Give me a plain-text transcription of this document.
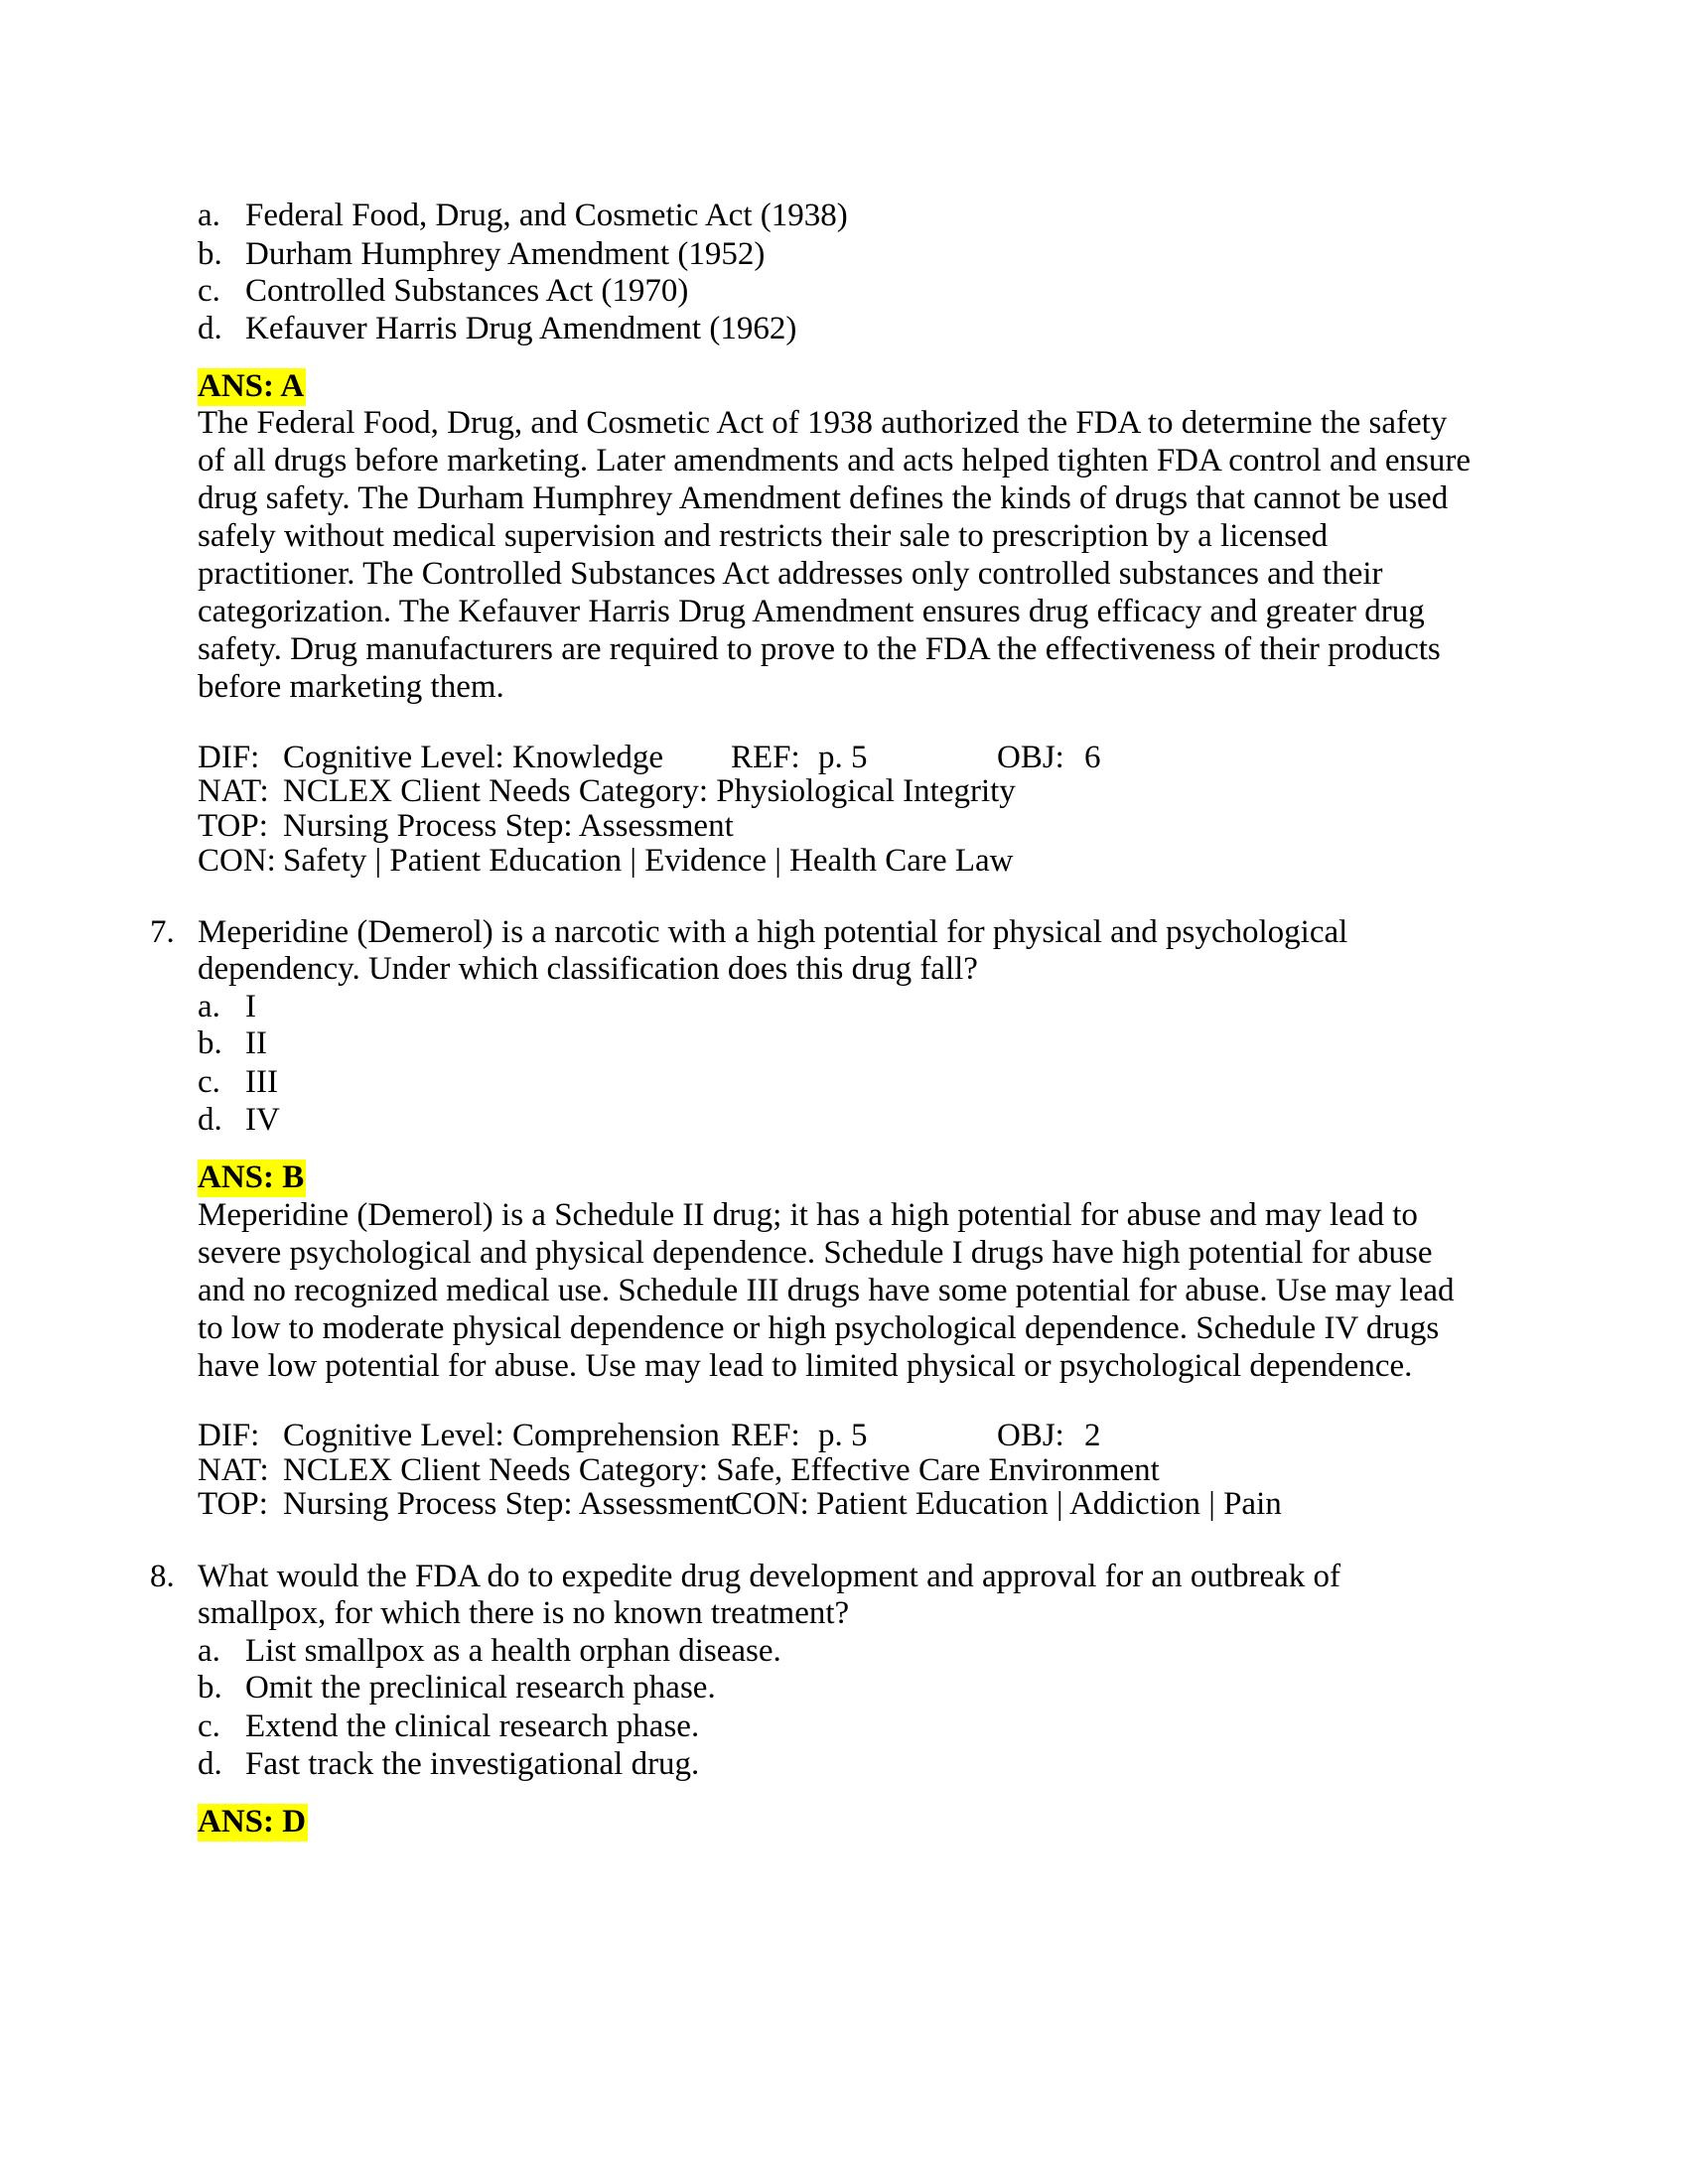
a. Federal Food, Drug, and Cosmetic Act (1938)
b. Durham Humphrey Amendment (1952)
c. Controlled Substances Act (1970)
d. Kefauver Harris Drug Amendment (1962)
ANS: A
The Federal Food, Drug, and Cosmetic Act of 1938 authorized the FDA to determine the safety
of all drugs before marketing. Later amendments and acts helped tighten FDA control and ensure
drug safety. The Durham Humphrey Amendment defines the kinds of drugs that cannot be used
safely without medical supervision and restricts their sale to prescription by a licensed
practitioner. The Controlled Substances Act addresses only controlled substances and their
categorization. The Kefauver Harris Drug Amendment ensures drug efficacy and greater drug
safety. Drug manufacturers are required to prove to the FDA the effectiveness of their products
before marketing them.
DIF: Cognitive Level: Knowledge REF: p. 5	OBJ: 6
NAT: NCLEX Client Needs Category: Physiological Integrity
TOP: Nursing Process Step: Assessment
CON: Safety | Patient Education | Evidence | Health Care Law
7. Meperidine (Demerol) is a narcotic with a high potential for physical and psychological
dependency. Under which classification does this drug fall?
a. I
b. II
c. III
d. IV
ANS: B
Meperidine (Demerol) is a Schedule II drug; it has a high potential for abuse and may lead to
severe psychological and physical dependence. Schedule I drugs have high potential for abuse
and no recognized medical use. Schedule III drugs have some potential for abuse. Use may lead
to low to moderate physical dependence or high psychological dependence. Schedule IV drugs
have low potential for abuse. Use may lead to limited physical or psychological dependence.
DIF: Cognitive Level: Comprehension REF: p. 5	OBJ: 2
NAT: NCLEX Client Needs Category: Safe, Effective Care Environment
TOP: Nursing Process Step: Assessment
CON: Patient Education | Addiction | Pain
8. What would the FDA do to expedite drug development and approval for an outbreak of
smallpox, for which there is no known treatment?
a. List smallpox as a health orphan disease.
b. Omit the preclinical research phase.
c. Extend the clinical research phase.
d. Fast track the investigational drug.
ANS: D
